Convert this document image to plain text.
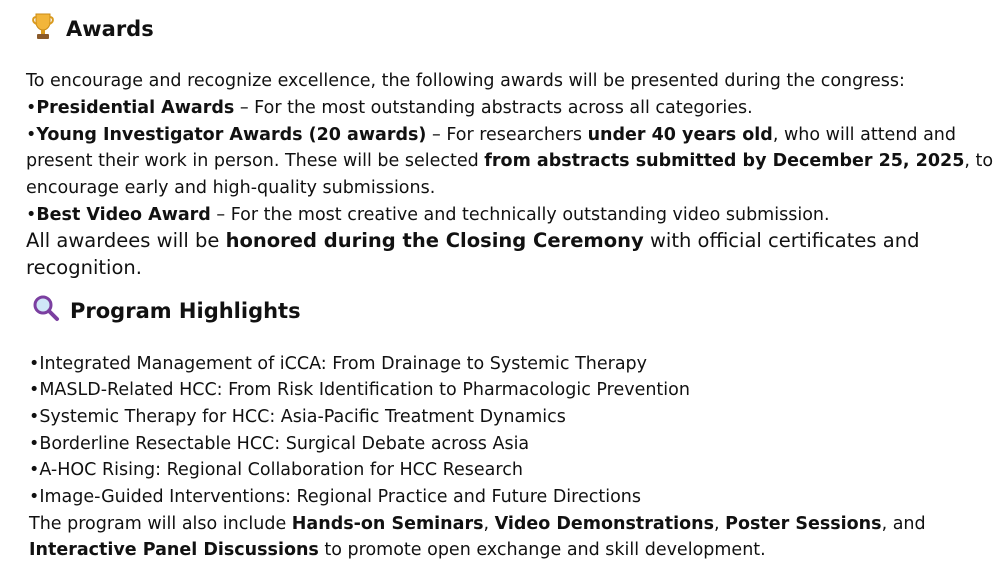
Awards
To encourage and recognize excellence, the following awards will be presented during the congress:
•Presidential Awards – For the most outstanding abstracts across all categories.
•Young Investigator Awards (20 awards) – For researchers under 40 years old, who will attend and
present their work in person. These will be selected from abstracts submitted by December 25, 2025, to
encourage early and high-quality submissions.
•Best Video Award – For the most creative and technically outstanding video submission.
All awardees will be honored during the Closing Ceremony with official certificates and
recognition.
Program Highlights
•Integrated Management of iCCA: From Drainage to Systemic Therapy
•MASLD-Related HCC: From Risk Identification to Pharmacologic Prevention
•Systemic Therapy for HCC: Asia-Pacific Treatment Dynamics
•Borderline Resectable HCC: Surgical Debate across Asia
•A-HOC Rising: Regional Collaboration for HCC Research
•Image-Guided Interventions: Regional Practice and Future Directions
The program will also include Hands-on Seminars, Video Demonstrations, Poster Sessions, and
Interactive Panel Discussions to promote open exchange and skill development.
